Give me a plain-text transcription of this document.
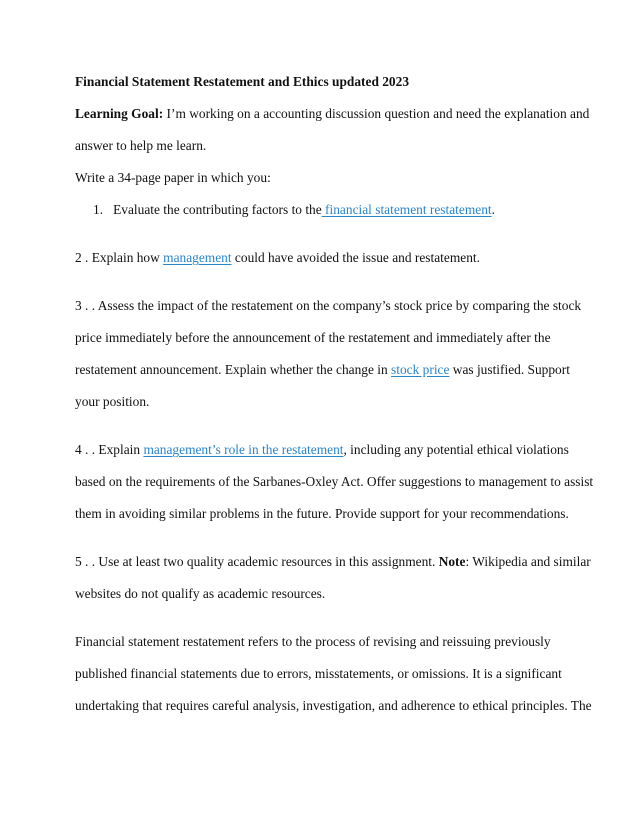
Financial Statement Restatement and Ethics updated 2023
Learning Goal: I’m working on a accounting discussion question and need the explanation and
answer to help me learn.
Write a 34-page paper in which you:
1. Evaluate the contributing factors to the financial statement restatement.
2 . Explain how management could have avoided the issue and restatement.
3 . . Assess the impact of the restatement on the company’s stock price by comparing the stock
price immediately before the announcement of the restatement and immediately after the
restatement announcement. Explain whether the change in stock price was justified. Support
your position.
4 . . Explain management’s role in the restatement, including any potential ethical violations
based on the requirements of the Sarbanes-Oxley Act. Offer suggestions to management to assist
them in avoiding similar problems in the future. Provide support for your recommendations.
5 . . Use at least two quality academic resources in this assignment. Note: Wikipedia and similar
websites do not qualify as academic resources.
Financial statement restatement refers to the process of revising and reissuing previously
published financial statements due to errors, misstatements, or omissions. It is a significant
undertaking that requires careful analysis, investigation, and adherence to ethical principles. The
